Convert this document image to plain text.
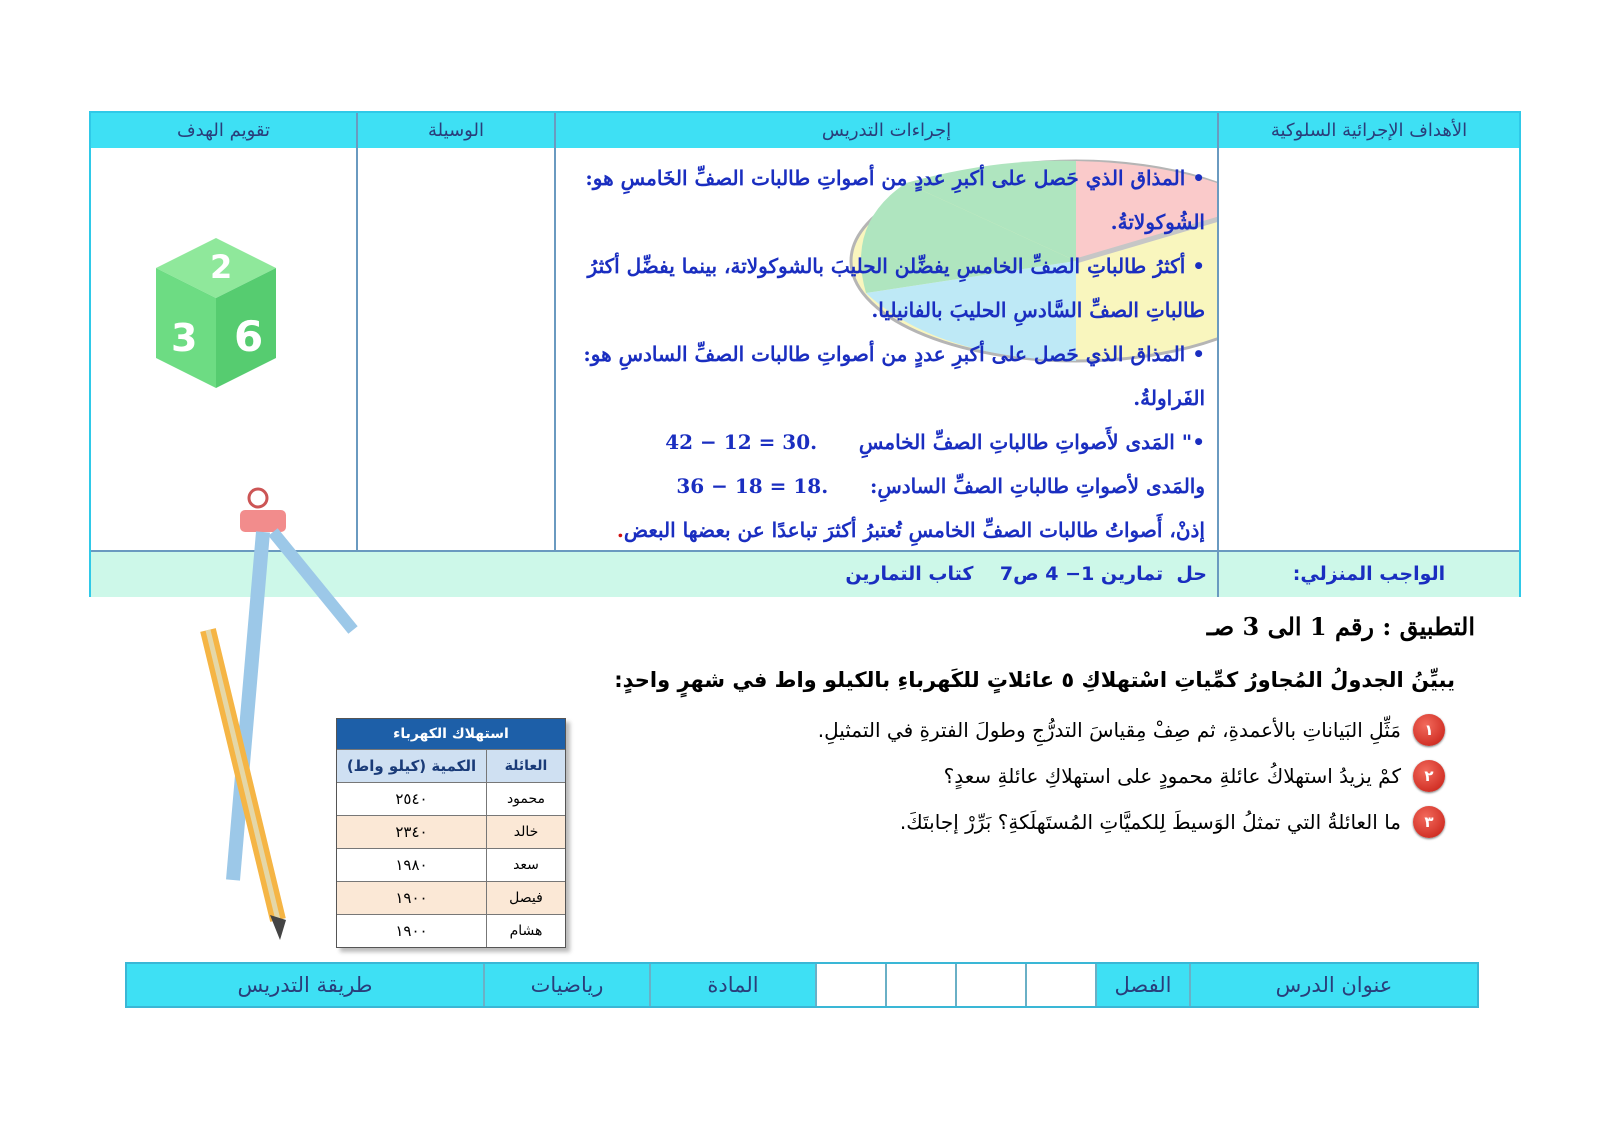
الأهداف الإجرائية السلوكية
إجراءات التدريس
الوسيلة
تقويم الهدف

• المذاق الذي حَصل على أكبرِ عددٍ من أصواتِ طالبات الصفِّ الخَامسِ هو: الشُوكولاتةُ.

• أكثرُ طالباتِ الصفِّ الخامسِ يفضِّلن الحليبَ بالشوكولاتة، بينما يفضِّل أكثرُ طالباتِ الصفِّ السَّادسِ الحليبَ بالفانيليا.

• المذاق الذي حَصل على أكبرِ عددٍ من أصواتِ طالبات الصفِّ السادسِ هو: الفَراولةُ.

•" المَدى لأَصواتِ طالباتِ الصفِّ الخامسِ      42 − 12 = 30.

والمَدى لأصواتِ طالباتِ الصفِّ السادسِ:      36 − 18 = 18.

إذنْ، أَصواتُ طالبات الصفِّ الخامسِ تُعتبرُ أكثرَ تباعدًا عن بعضها البعض.

2
3 6
الواجب المنزلي:
حل  تمارين 1− 4 ص7    كتاب التمارين
التطبيق : رقم 1 الى 3 صـ
يبيِّنُ الجدولُ المُجاورُ كمِّياتِ اسْتهلاكِ ٥ عائلاتٍ للكَهرباءِ بالكيلو واط في شهرٍ واحدٍ:
١
مَثِّلِ البَياناتِ بالأعمدةِ، ثم صِفْ مِقياسَ التدرُّجِ وطولَ الفترةِ في التمثيلِ.
٢
كمْ يزيدُ استهلاكُ عائلةِ محمودٍ على استهلاكِ عائلةِ سعدٍ؟
٣
ما العائلةُ التي تمثلُ الوَسيطَ لِلكميَّاتِ المُستَهلَكةِ؟ بَرِّرْ إجابتَكَ.
استهلاك الكهرباء
العائلة
الكمية (كيلو واط)
محمود
٢٥٤٠
خالد
٢٣٤٠
سعد
١٩٨٠
فيصل
١٩٠٠
هشام
١٩٠٠
عنوان الدرس
الفصل
المادة
رياضيات
طريقة التدريس
